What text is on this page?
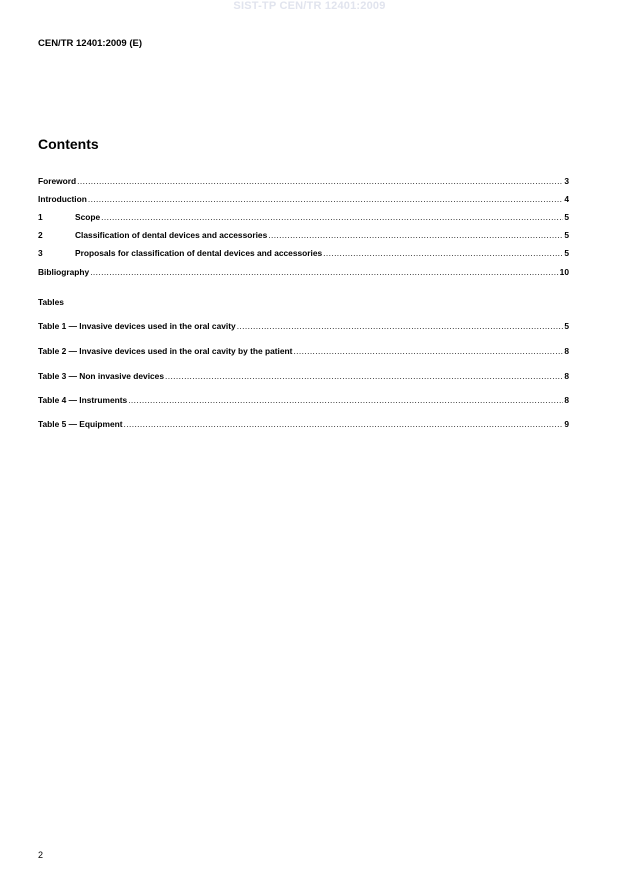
SIST-TP CEN/TR 12401:2009
CEN/TR 12401:2009 (E)
Contents
Foreword .....	3
Introduction .....	4
1	Scope .....	5
2	Classification of dental devices and accessories .....	5
3	Proposals for classification of dental devices and accessories .....	5
Bibliography .....	10
Tables
Table 1 — Invasive devices used in the oral cavity .....	5
Table 2 — Invasive devices used in the oral cavity by the patient .....	8
Table 3 — Non invasive devices .....	8
Table 4 — Instruments .....	8
Table 5 — Equipment .....	9
2
